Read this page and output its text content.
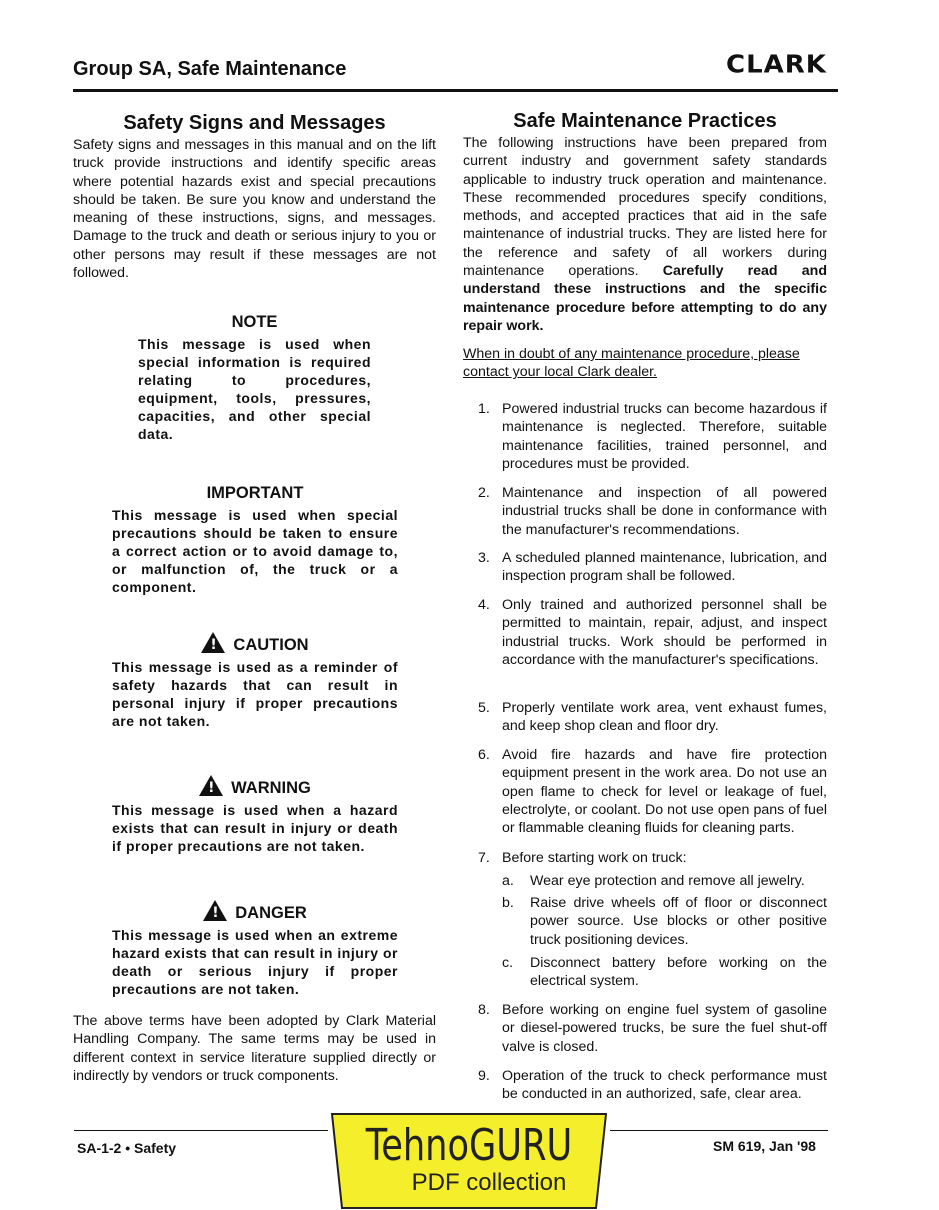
Group SA, Safe Maintenance	CLARK
Safety Signs and Messages
Safety signs and messages in this manual and on the lift truck provide instructions and identify specific areas where potential hazards exist and special precautions should be taken. Be sure you know and understand the meaning of these instructions, signs, and messages. Damage to the truck and death or serious injury to you or other persons may result if these messages are not followed.
NOTE
This message is used when special information is required relating to procedures, equipment, tools, pressures, capacities, and other special data.
IMPORTANT
This message is used when special precautions should be taken to ensure a correct action or to avoid damage to, or malfunction of, the truck or a component.
!CAUTION
This message is used as a reminder of safety hazards that can result in personal injury if proper precautions are not taken.
!WARNING
This message is used when a hazard exists that can result in injury or death if proper precautions are not taken.
!DANGER
This message is used when an extreme hazard exists that can result in injury or death or serious injury if proper precautions are not taken.
The above terms have been adopted by Clark Material Handling Company. The same terms may be used in different context in service literature supplied directly or indirectly by vendors or truck components.
Safe Maintenance Practices
The following instructions have been prepared from current industry and government safety standards applicable to industry truck operation and maintenance. These recommended procedures specify conditions, methods, and accepted practices that aid in the safe maintenance of industrial trucks. They are listed here for the reference and safety of all workers during maintenance operations. Carefully read and understand these instructions and the specific maintenance procedure before attempting to do any repair work.
When in doubt of any maintenance procedure, please contact your local Clark dealer.
1. Powered industrial trucks can become hazardous if maintenance is neglected. Therefore, suitable maintenance facilities, trained personnel, and procedures must be provided.
2. Maintenance and inspection of all powered industrial trucks shall be done in conformance with the manufacturer's recommendations.
3. A scheduled planned maintenance, lubrication, and inspection program shall be followed.
4. Only trained and authorized personnel shall be permitted to maintain, repair, adjust, and inspect industrial trucks. Work should be performed in accordance with the manufacturer's specifications.
5. Properly ventilate work area, vent exhaust fumes, and keep shop clean and floor dry.
6. Avoid fire hazards and have fire protection equipment present in the work area. Do not use an open flame to check for level or leakage of fuel, electrolyte, or coolant. Do not use open pans of fuel or flammable cleaning fluids for cleaning parts.
7. Before starting work on truck:
a. Wear eye protection and remove all jewelry.
b. Raise drive wheels off of floor or disconnect power source. Use blocks or other positive truck positioning devices.
c. Disconnect battery before working on the electrical system.
8. Before working on engine fuel system of gasoline or diesel-powered trucks, be sure the fuel shut-off valve is closed.
9. Operation of the truck to check performance must be conducted in an authorized, safe, clear area.
SA-1-2 • Safety	SM 619, Jan '98
TehnoGURU
PDF collection
